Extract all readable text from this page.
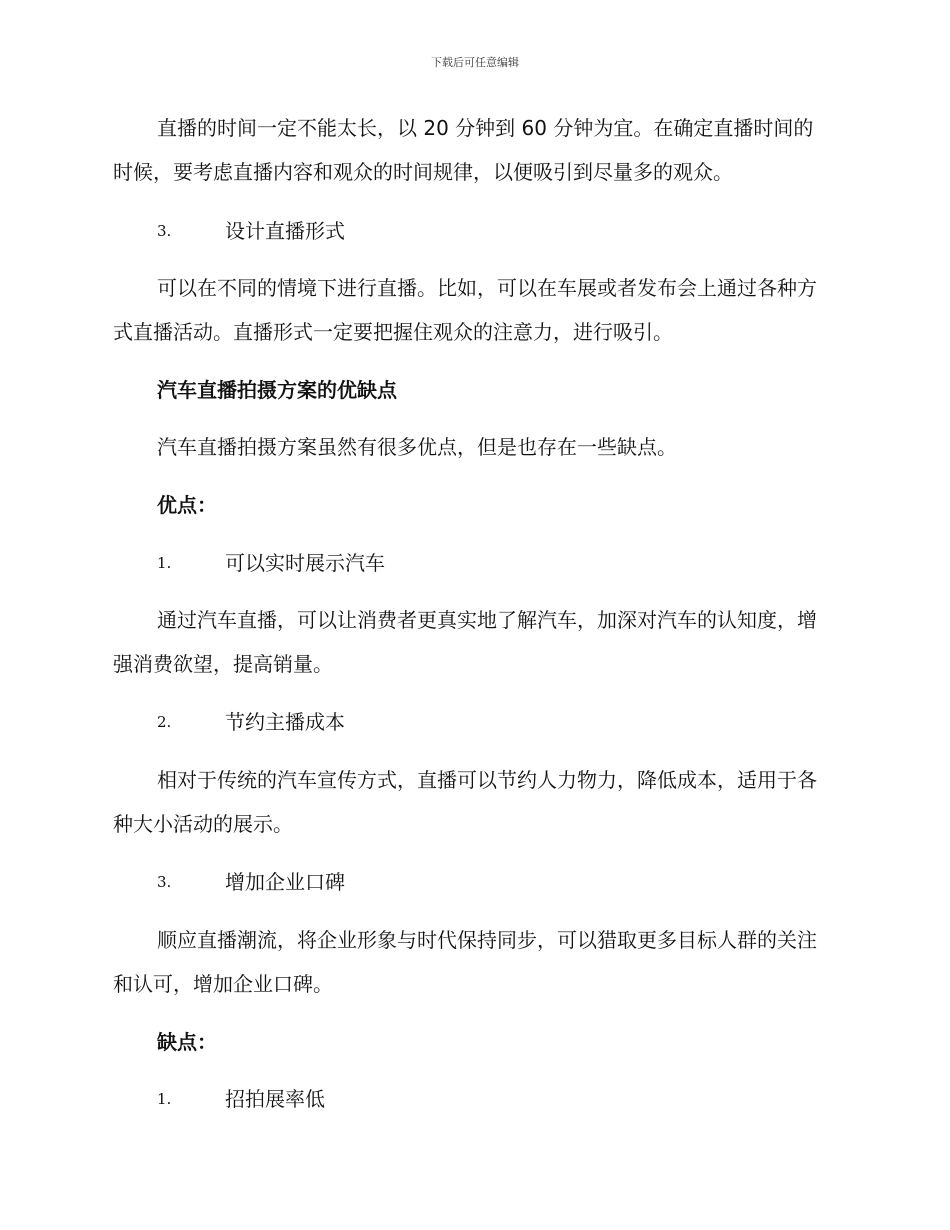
下载后可任意编辑

直播的时间一定不能太长，以 20 分钟到 60 分钟为宜。在确定直播时间的时候，要考虑直播内容和观众的时间规律，以便吸引到尽量多的观众。

3.	设计直播形式

可以在不同的情境下进行直播。比如，可以在车展或者发布会上通过各种方式直播活动。直播形式一定要把握住观众的注意力，进行吸引。

汽车直播拍摄方案的优缺点
汽车直播拍摄方案虽然有很多优点，但是也存在一些缺点。
优点：
1.	可以实时展示汽车

通过汽车直播，可以让消费者更真实地了解汽车，加深对汽车的认知度，增强消费欲望，提高销量。

2.	节约主播成本

相对于传统的汽车宣传方式，直播可以节约人力物力，降低成本，适用于各种大小活动的展示。

3.	增加企业口碑

顺应直播潮流，将企业形象与时代保持同步，可以猎取更多目标人群的关注和认可，增加企业口碑。

缺点：
1.	招拍展率低
